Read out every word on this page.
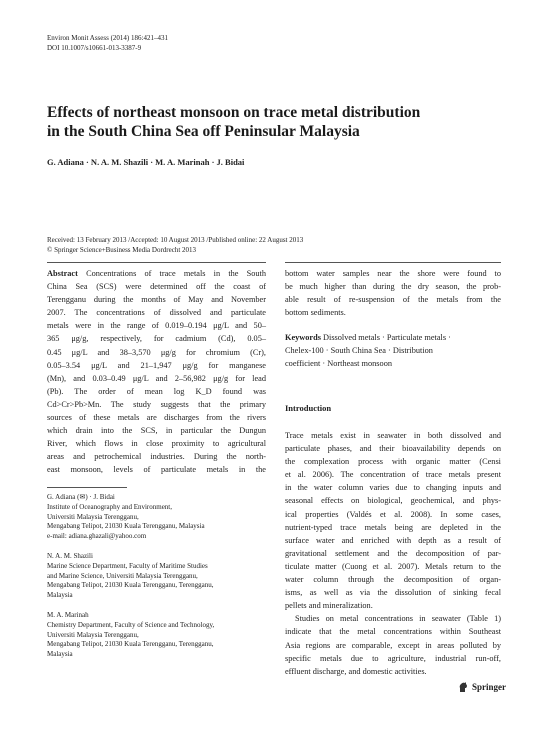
Environ Monit Assess (2014) 186:421–431
DOI 10.1007/s10661-013-3387-9
Effects of northeast monsoon on trace metal distribution
in the South China Sea off Peninsular Malaysia
G. Adiana · N. A. M. Shazili · M. A. Marinah · J. Bidai
Received: 13 February 2013 /Accepted: 10 August 2013 /Published online: 22 August 2013
© Springer Science+Business Media Dordrecht 2013
Abstract Concentrations of trace metals in the South
China Sea (SCS) were determined off the coast of
Terengganu during the months of May and November
2007. The concentrations of dissolved and particulate
metals were in the range of 0.019–0.194 μg/L and 50–
365 μg/g, respectively, for cadmium (Cd), 0.05–
0.45 μg/L and 38–3,570 μg/g for chromium (Cr),
0.05–3.54 μg/L and 21–1,947 μg/g for manganese
(Mn), and 0.03–0.49 μg/L and 2–56,982 μg/g for lead
(Pb). The order of mean log K_D found was
Cd>Cr>Pb>Mn. The study suggests that the primary
sources of these metals are discharges from the rivers
which drain into the SCS, in particular the Dungun
River, which flows in close proximity to agricultural
areas and petrochemical industries. During the north-
east monsoon, levels of particulate metals in the
bottom water samples near the shore were found to
be much higher than during the dry season, the prob-
able result of re-suspension of the metals from the
bottom sediments.
Keywords Dissolved metals · Particulate metals ·
Chelex-100 · South China Sea · Distribution
coefficient · Northeast monsoon
Introduction
Trace metals exist in seawater in both dissolved and
particulate phases, and their bioavailability depends on
the complexation process with organic matter (Censi
et al. 2006). The concentration of trace metals present
in the water column varies due to changing inputs and
seasonal effects on biological, geochemical, and phys-
ical properties (Valdés et al. 2008). In some cases,
nutrient-typed trace metals being are depleted in the
surface water and enriched with depth as a result of
gravitational settlement and the decomposition of par-
ticulate matter (Cuong et al. 2007). Metals return to the
water column through the decomposition of organ-
isms, as well as via the dissolution of sinking fecal
pellets and mineralization.
Studies on metal concentrations in seawater (Table 1)
indicate that the metal concentrations within Southeast
Asia regions are comparable, except in areas polluted by
specific metals due to agriculture, industrial run-off,
effluent discharge, and domestic activities.
G. Adiana (✉) · J. Bidai
Institute of Oceanography and Environment,
Universiti Malaysia Terengganu,
Mengabang Telipot, 21030 Kuala Terengganu, Malaysia
e-mail: adiana.ghazali@yahoo.com
N. A. M. Shazili
Marine Science Department, Faculty of Maritime Studies
and Marine Science, Universiti Malaysia Terengganu,
Mengabang Telipot, 21030 Kuala Terengganu, Terengganu,
Malaysia
M. A. Marinah
Chemistry Department, Faculty of Science and Technology,
Universiti Malaysia Terengganu,
Mengabang Telipot, 21030 Kuala Terengganu, Terengganu,
Malaysia
Springer
